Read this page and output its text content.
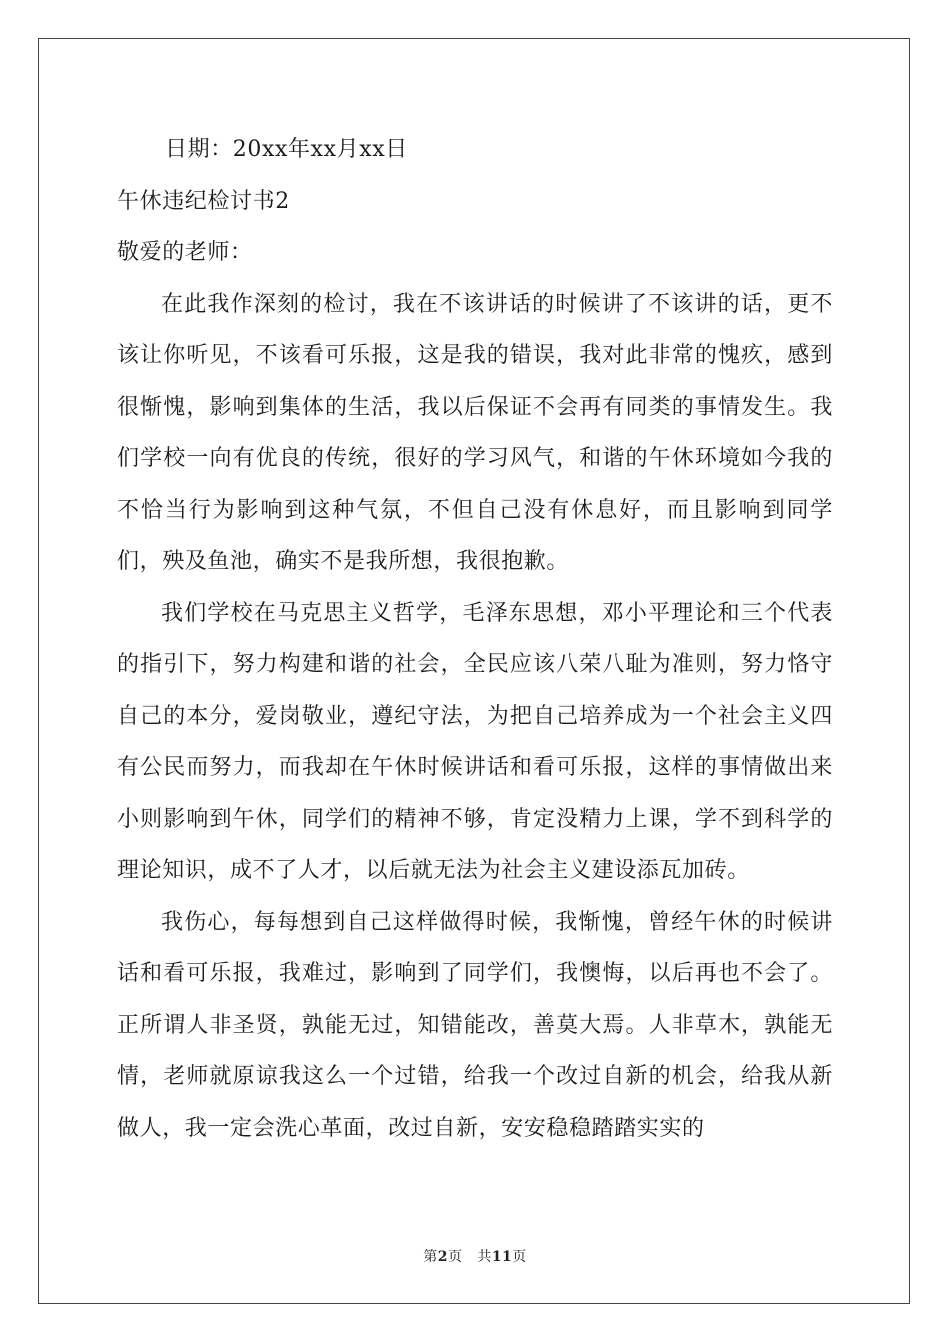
日期：20xx年xx月xx日

午休违纪检讨书2

敬爱的老师：

在此我作深刻的检讨，我在不该讲话的时候讲了不该讲的话，更不该让你听见，不该看可乐报，这是我的错误，我对此非常的愧疚，感到很惭愧，影响到集体的生活，我以后保证不会再有同类的事情发生。我们学校一向有优良的传统，很好的学习风气，和谐的午休环境如今我的不恰当行为影响到这种气氛，不但自己没有休息好，而且影响到同学们，殃及鱼池，确实不是我所想，我很抱歉。

我们学校在马克思主义哲学，毛泽东思想，邓小平理论和三个代表的指引下，努力构建和谐的社会，全民应该八荣八耻为准则，努力恪守自己的本分，爱岗敬业，遵纪守法，为把自己培养成为一个社会主义四有公民而努力，而我却在午休时候讲话和看可乐报，这样的事情做出来小则影响到午休，同学们的精神不够，肯定没精力上课，学不到科学的理论知识，成不了人才，以后就无法为社会主义建设添瓦加砖。

我伤心，每每想到自己这样做得时候，我惭愧，曾经午休的时候讲话和看可乐报，我难过，影响到了同学们，我懊悔，以后再也不会了。正所谓人非圣贤，孰能无过，知错能改，善莫大焉。人非草木，孰能无情，老师就原谅我这么一个过错，给我一个改过自新的机会，给我从新做人，我一定会洗心革面，改过自新，安安稳稳踏踏实实的

第2页 共11页
